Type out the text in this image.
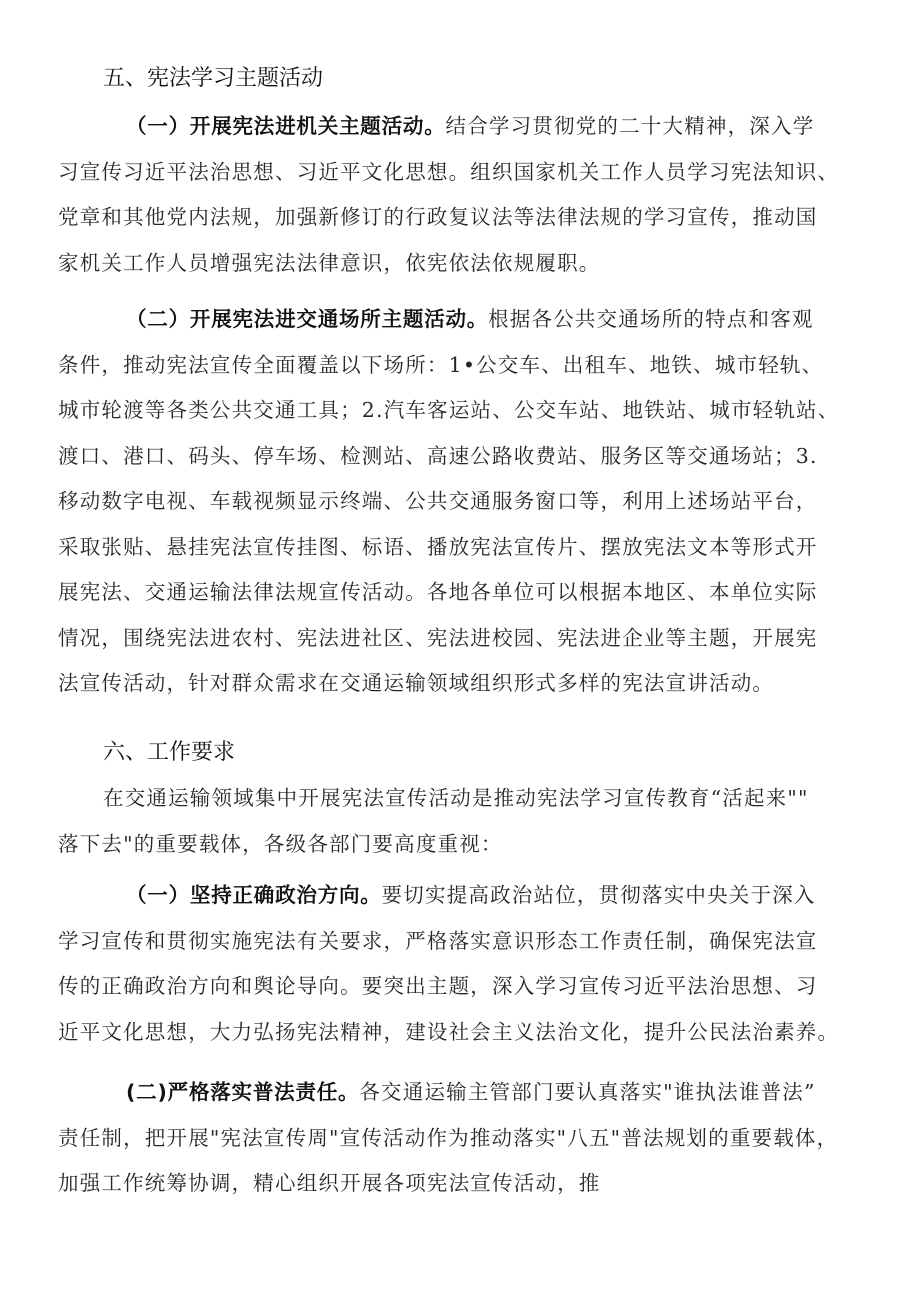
五、宪法学习主题活动
（一）开展宪法进机关主题活动。结合学习贯彻党的二十大精神，深入学
习宣传习近平法治思想、习近平文化思想。组织国家机关工作人员学习宪法知识、
党章和其他党内法规，加强新修订的行政复议法等法律法规的学习宣传，推动国
家机关工作人员增强宪法法律意识，依宪依法依规履职。
（二）开展宪法进交通场所主题活动。根据各公共交通场所的特点和客观
条件，推动宪法宣传全面覆盖以下场所：1•公交车、出租车、地铁、城市轻轨、
城市轮渡等各类公共交通工具；2.汽车客运站、公交车站、地铁站、城市轻轨站、
渡口、港口、码头、停车场、检测站、高速公路收费站、服务区等交通场站；3.
移动数字电视、车载视频显示终端、公共交通服务窗口等，利用上述场站平台，
采取张贴、悬挂宪法宣传挂图、标语、播放宪法宣传片、摆放宪法文本等形式开
展宪法、交通运输法律法规宣传活动。各地各单位可以根据本地区、本单位实际
情况，围绕宪法进农村、宪法进社区、宪法进校园、宪法进企业等主题，开展宪
法宣传活动，针对群众需求在交通运输领域组织形式多样的宪法宣讲活动。
六、工作要求
在交通运输领域集中开展宪法宣传活动是推动宪法学习宣传教育“活起来""
落下去"的重要载体，各级各部门要高度重视：
（一）坚持正确政治方向。要切实提高政治站位，贯彻落实中央关于深入
学习宣传和贯彻实施宪法有关要求，严格落实意识形态工作责任制，确保宪法宣
传的正确政治方向和舆论导向。要突出主题，深入学习宣传习近平法治思想、习
近平文化思想，大力弘扬宪法精神，建设社会主义法治文化，提升公民法治素养。
(二)严格落实普法责任。各交通运输主管部门要认真落实"谁执法谁普法”
责任制，把开展"宪法宣传周"宣传活动作为推动落实"八五"普法规划的重要载体，
加强工作统筹协调，精心组织开展各项宪法宣传活动，推
